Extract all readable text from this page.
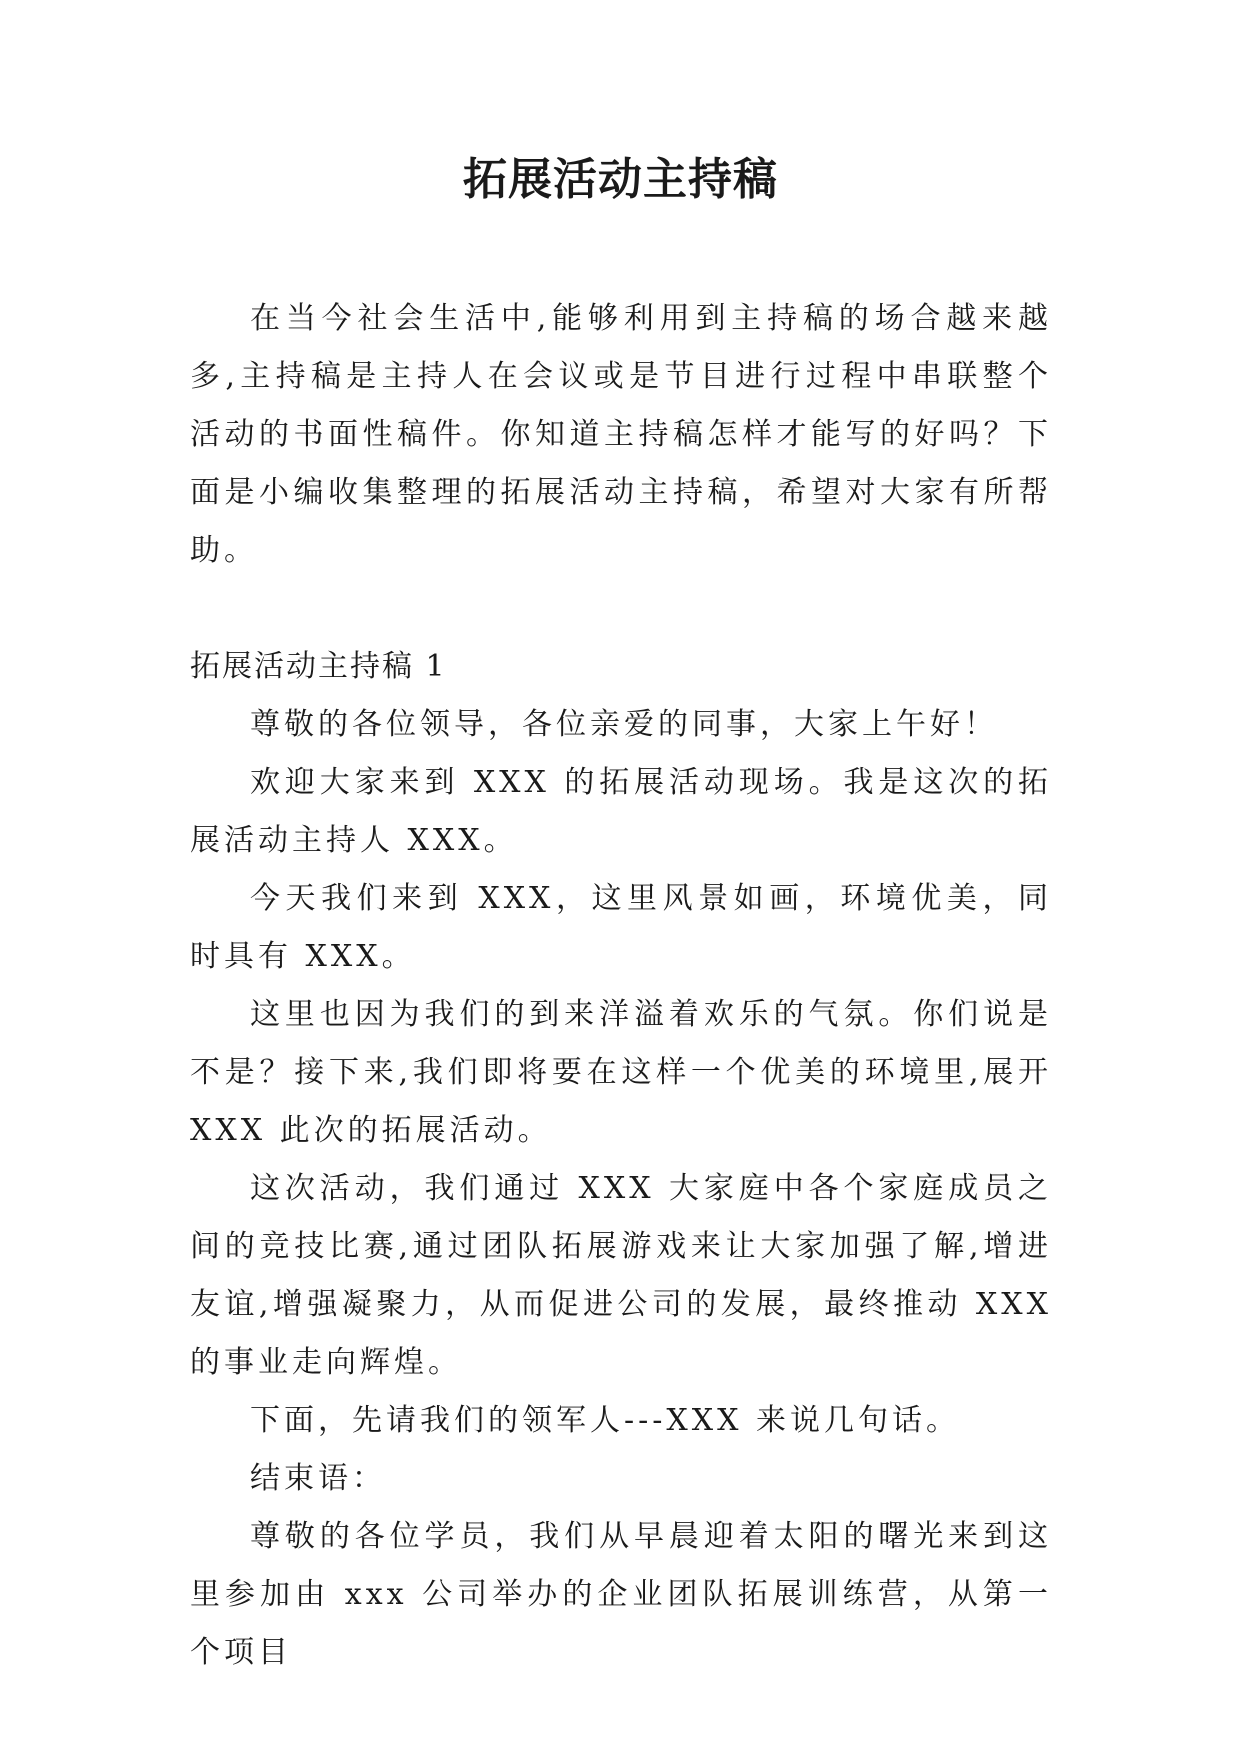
拓展活动主持稿

在当今社会生活中,能够利用到主持稿的场合越来越多,主持稿是主持人在会议或是节目进行过程中串联整个活动的书面性稿件。你知道主持稿怎样才能写的好吗？下面是小编收集整理的拓展活动主持稿，希望对大家有所帮助。

拓展活动主持稿 1

尊敬的各位领导，各位亲爱的同事，大家上午好！

欢迎大家来到 XXX 的拓展活动现场。我是这次的拓展活动主持人 XXX。

今天我们来到 XXX，这里风景如画，环境优美，同时具有 XXX。

这里也因为我们的到来洋溢着欢乐的气氛。你们说是不是？接下来,我们即将要在这样一个优美的环境里,展开 XXX 此次的拓展活动。

这次活动，我们通过 XXX 大家庭中各个家庭成员之间的竞技比赛,通过团队拓展游戏来让大家加强了解,增进友谊,增强凝聚力，从而促进公司的发展，最终推动 XXX 的事业走向辉煌。

下面，先请我们的领军人---XXX 来说几句话。

结束语：

尊敬的各位学员，我们从早晨迎着太阳的曙光来到这里参加由 xxx 公司举办的企业团队拓展训练营，从第一个项目
